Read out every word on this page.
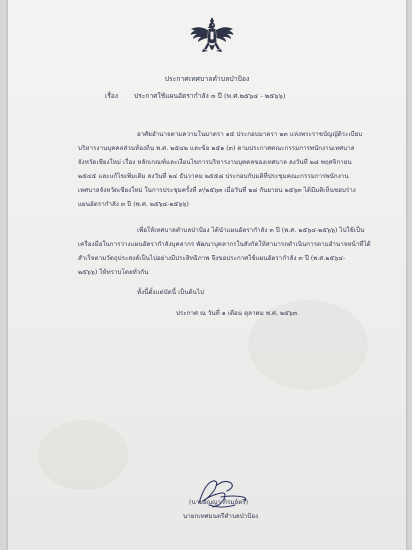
ประกาศเทศบาลตำบลป่าป้อง
เรื่อง ประกาศใช้แผนอัตรากำลัง ๓ ปี (พ.ศ.๒๕๖๔ - ๒๕๖๖)
อาศัยอำนาจตามความในมาตรา ๑๕ ประกอบมาตรา ๒๓ แห่งพระราชบัญญัติระเบียบ
บริหารงานบุคคลส่วนท้องถิ่น พ.ศ. ๒๕๔๒ และข้อ ๒๕๑ (๓) ตามประกาศคณะกรรมการพนักงานเทศบาล
จังหวัดเชียงใหม่ เรื่อง หลักเกณฑ์และเงื่อนไขการบริหารงานบุคคลของเทศบาล ลงวันที่ ๒๘ พฤศจิกายน
๒๕๔๕ และแก้ไขเพิ่มเติม ลงวันที่ ๒๔ ธันวาคม ๒๕๕๘ ประกอบกับมติที่ประชุมคณะกรรมการพนักงาน
เทศบาลจังหวัดเชียงใหม่ ในการประชุมครั้งที่ ๙/๒๕๖๓ เมื่อวันที่ ๒๘ กันยายน ๒๕๖๓ ได้มีมติเห็นชอบร่าง
แผนอัตรากำลัง ๓ ปี (พ.ศ. ๒๕๖๔-๒๕๖๖)
เพื่อให้เทศบาลตำบลป่าป้อง ได้นำแผนอัตรากำลัง ๓ ปี (พ.ศ. ๒๕๖๔-๒๕๖๖) ไปใช้เป็น
เครื่องมือในการวางแผนอัตรากำลังบุคลากร พัฒนาบุคลากรในสังกัดให้สามารถดำเนินการตามอำนาจหน้าที่ได้
สำเร็จตามวัตถุประสงค์เป็นไปอย่างมีประสิทธิภาพ จึงขอประกาศใช้แผนอัตรากำลัง ๓ ปี (พ.ศ.๒๕๖๔-
๒๕๖๖) ให้ทราบโดยทั่วกัน
ทั้งนี้ตั้งแต่บัดนี้ เป็นต้นไป
ประกาศ ณ วันที่ ๑ เดือน ตุลาคม พ.ศ. ๒๕๖๓
(นายอัญญา ภิรมย์ตรี)
นายกเทศมนตรีตำบลป่าป้อง
